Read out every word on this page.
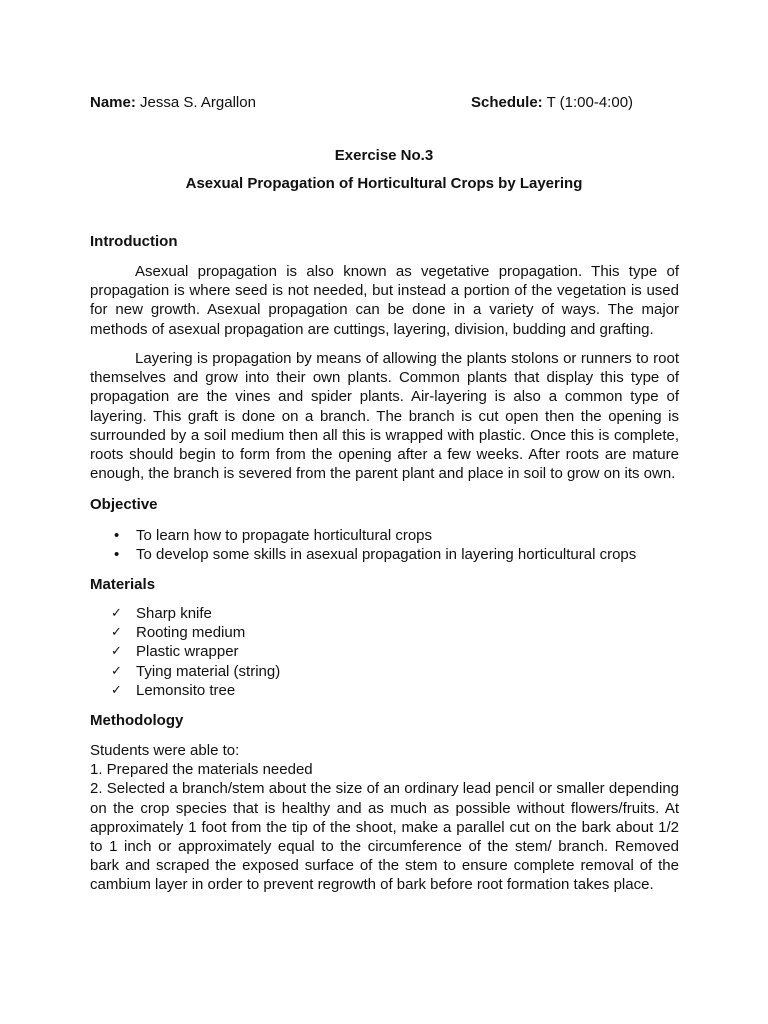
Name: Jessa S. Argallon	Schedule: T (1:00-4:00)
Exercise No.3
Asexual Propagation of Horticultural Crops by Layering
Introduction

Asexual propagation is also known as vegetative propagation. This type of propagation is where seed is not needed, but instead a portion of the vegetation is used for new growth. Asexual propagation can be done in a variety of ways. The major methods of asexual propagation are cuttings, layering, division, budding and grafting.

Layering is propagation by means of allowing the plants stolons or runners to root themselves and grow into their own plants. Common plants that display this type of propagation are the vines and spider plants. Air-layering is also a common type of layering. This graft is done on a branch. The branch is cut open then the opening is surrounded by a soil medium then all this is wrapped with plastic. Once this is complete, roots should begin to form from the opening after a few weeks. After roots are mature enough, the branch is severed from the parent plant and place in soil to grow on its own.

Objective
• To learn how to propagate horticultural crops
• To develop some skills in asexual propagation in layering horticultural crops
Materials
✓ Sharp knife
✓ Rooting medium
✓ Plastic wrapper
✓ Tying material (string)
✓ Lemonsito tree
Methodology
Students were able to:
1. Prepared the materials needed

2. Selected a branch/stem about the size of an ordinary lead pencil or smaller depending on the crop species that is healthy and as much as possible without flowers/fruits. At approximately 1 foot from the tip of the shoot, make a parallel cut on the bark about 1/2 to 1 inch or approximately equal to the circumference of the stem/ branch. Removed bark and scraped the exposed surface of the stem to ensure complete removal of the cambium layer in order to prevent regrowth of bark before root formation takes place.
